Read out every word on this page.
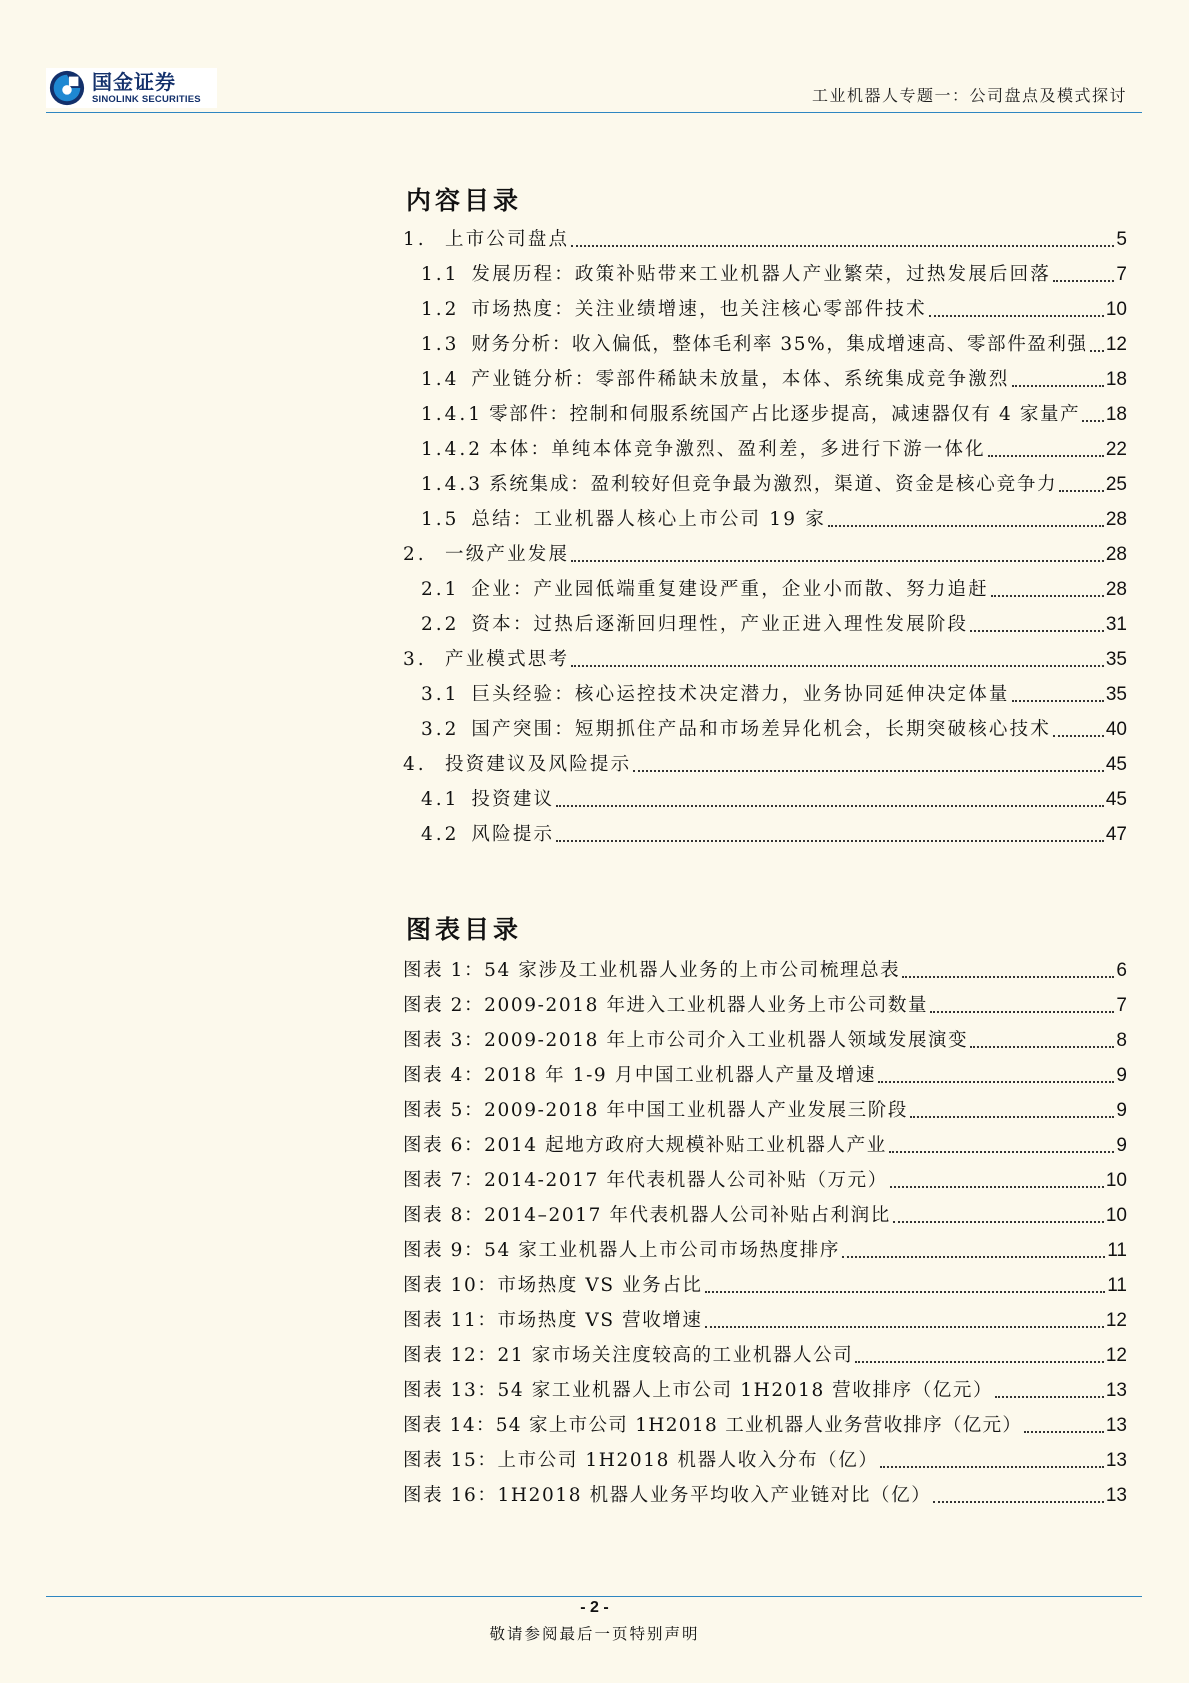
国金证券
SINOLINK SECURITIES	工业机器人专题一：公司盘点及模式探讨
内容目录
1. 上市公司盘点	5
1.1 发展历程：政策补贴带来工业机器人产业繁荣，过热发展后回落	7
1.2 市场热度：关注业绩增速，也关注核心零部件技术	10
1.3 财务分析：收入偏低，整体毛利率 35%，集成增速高、零部件盈利强 12
1.4 产业链分析：零部件稀缺未放量，本体、系统集成竞争激烈	18
1.4.1 零部件：控制和伺服系统国产占比逐步提高，减速器仅有 4 家量产 18
1.4.2 本体：单纯本体竞争激烈、盈利差，多进行下游一体化	22
1.4.3 系统集成：盈利较好但竞争最为激烈，渠道、资金是核心竞争力	25
1.5 总结：工业机器人核心上市公司 19 家	28
2. 一级产业发展	28
2.1 企业：产业园低端重复建设严重，企业小而散、努力追赶	28
2.2 资本：过热后逐渐回归理性，产业正进入理性发展阶段	31
3. 产业模式思考	35
3.1 巨头经验：核心运控技术决定潜力，业务协同延伸决定体量	35
3.2 国产突围：短期抓住产品和市场差异化机会，长期突破核心技术	40
4. 投资建议及风险提示	45
4.1 投资建议	45
4.2 风险提示	47
图表目录
图表 1：54 家涉及工业机器人业务的上市公司梳理总表	6
图表 2：2009-2018 年进入工业机器人业务上市公司数量	7
图表 3：2009-2018 年上市公司介入工业机器人领域发展演变	8
图表 4：2018 年 1-9 月中国工业机器人产量及增速	9
图表 5：2009-2018 年中国工业机器人产业发展三阶段	9
图表 6：2014 起地方政府大规模补贴工业机器人产业	9
图表 7：2014-2017 年代表机器人公司补贴（万元）	10
图表 8：2014–2017 年代表机器人公司补贴占利润比	10
图表 9：54 家工业机器人上市公司市场热度排序	11
图表 10：市场热度 VS 业务占比	11
图表 11：市场热度 VS 营收增速	12
图表 12：21 家市场关注度较高的工业机器人公司	12
图表 13：54 家工业机器人上市公司 1H2018 营收排序（亿元）	13
图表 14：54 家上市公司 1H2018 工业机器人业务营收排序（亿元）	13
图表 15：上市公司 1H2018 机器人收入分布（亿）	13
图表 16：1H2018 机器人业务平均收入产业链对比（亿）	13
- 2 -
敬请参阅最后一页特别声明
